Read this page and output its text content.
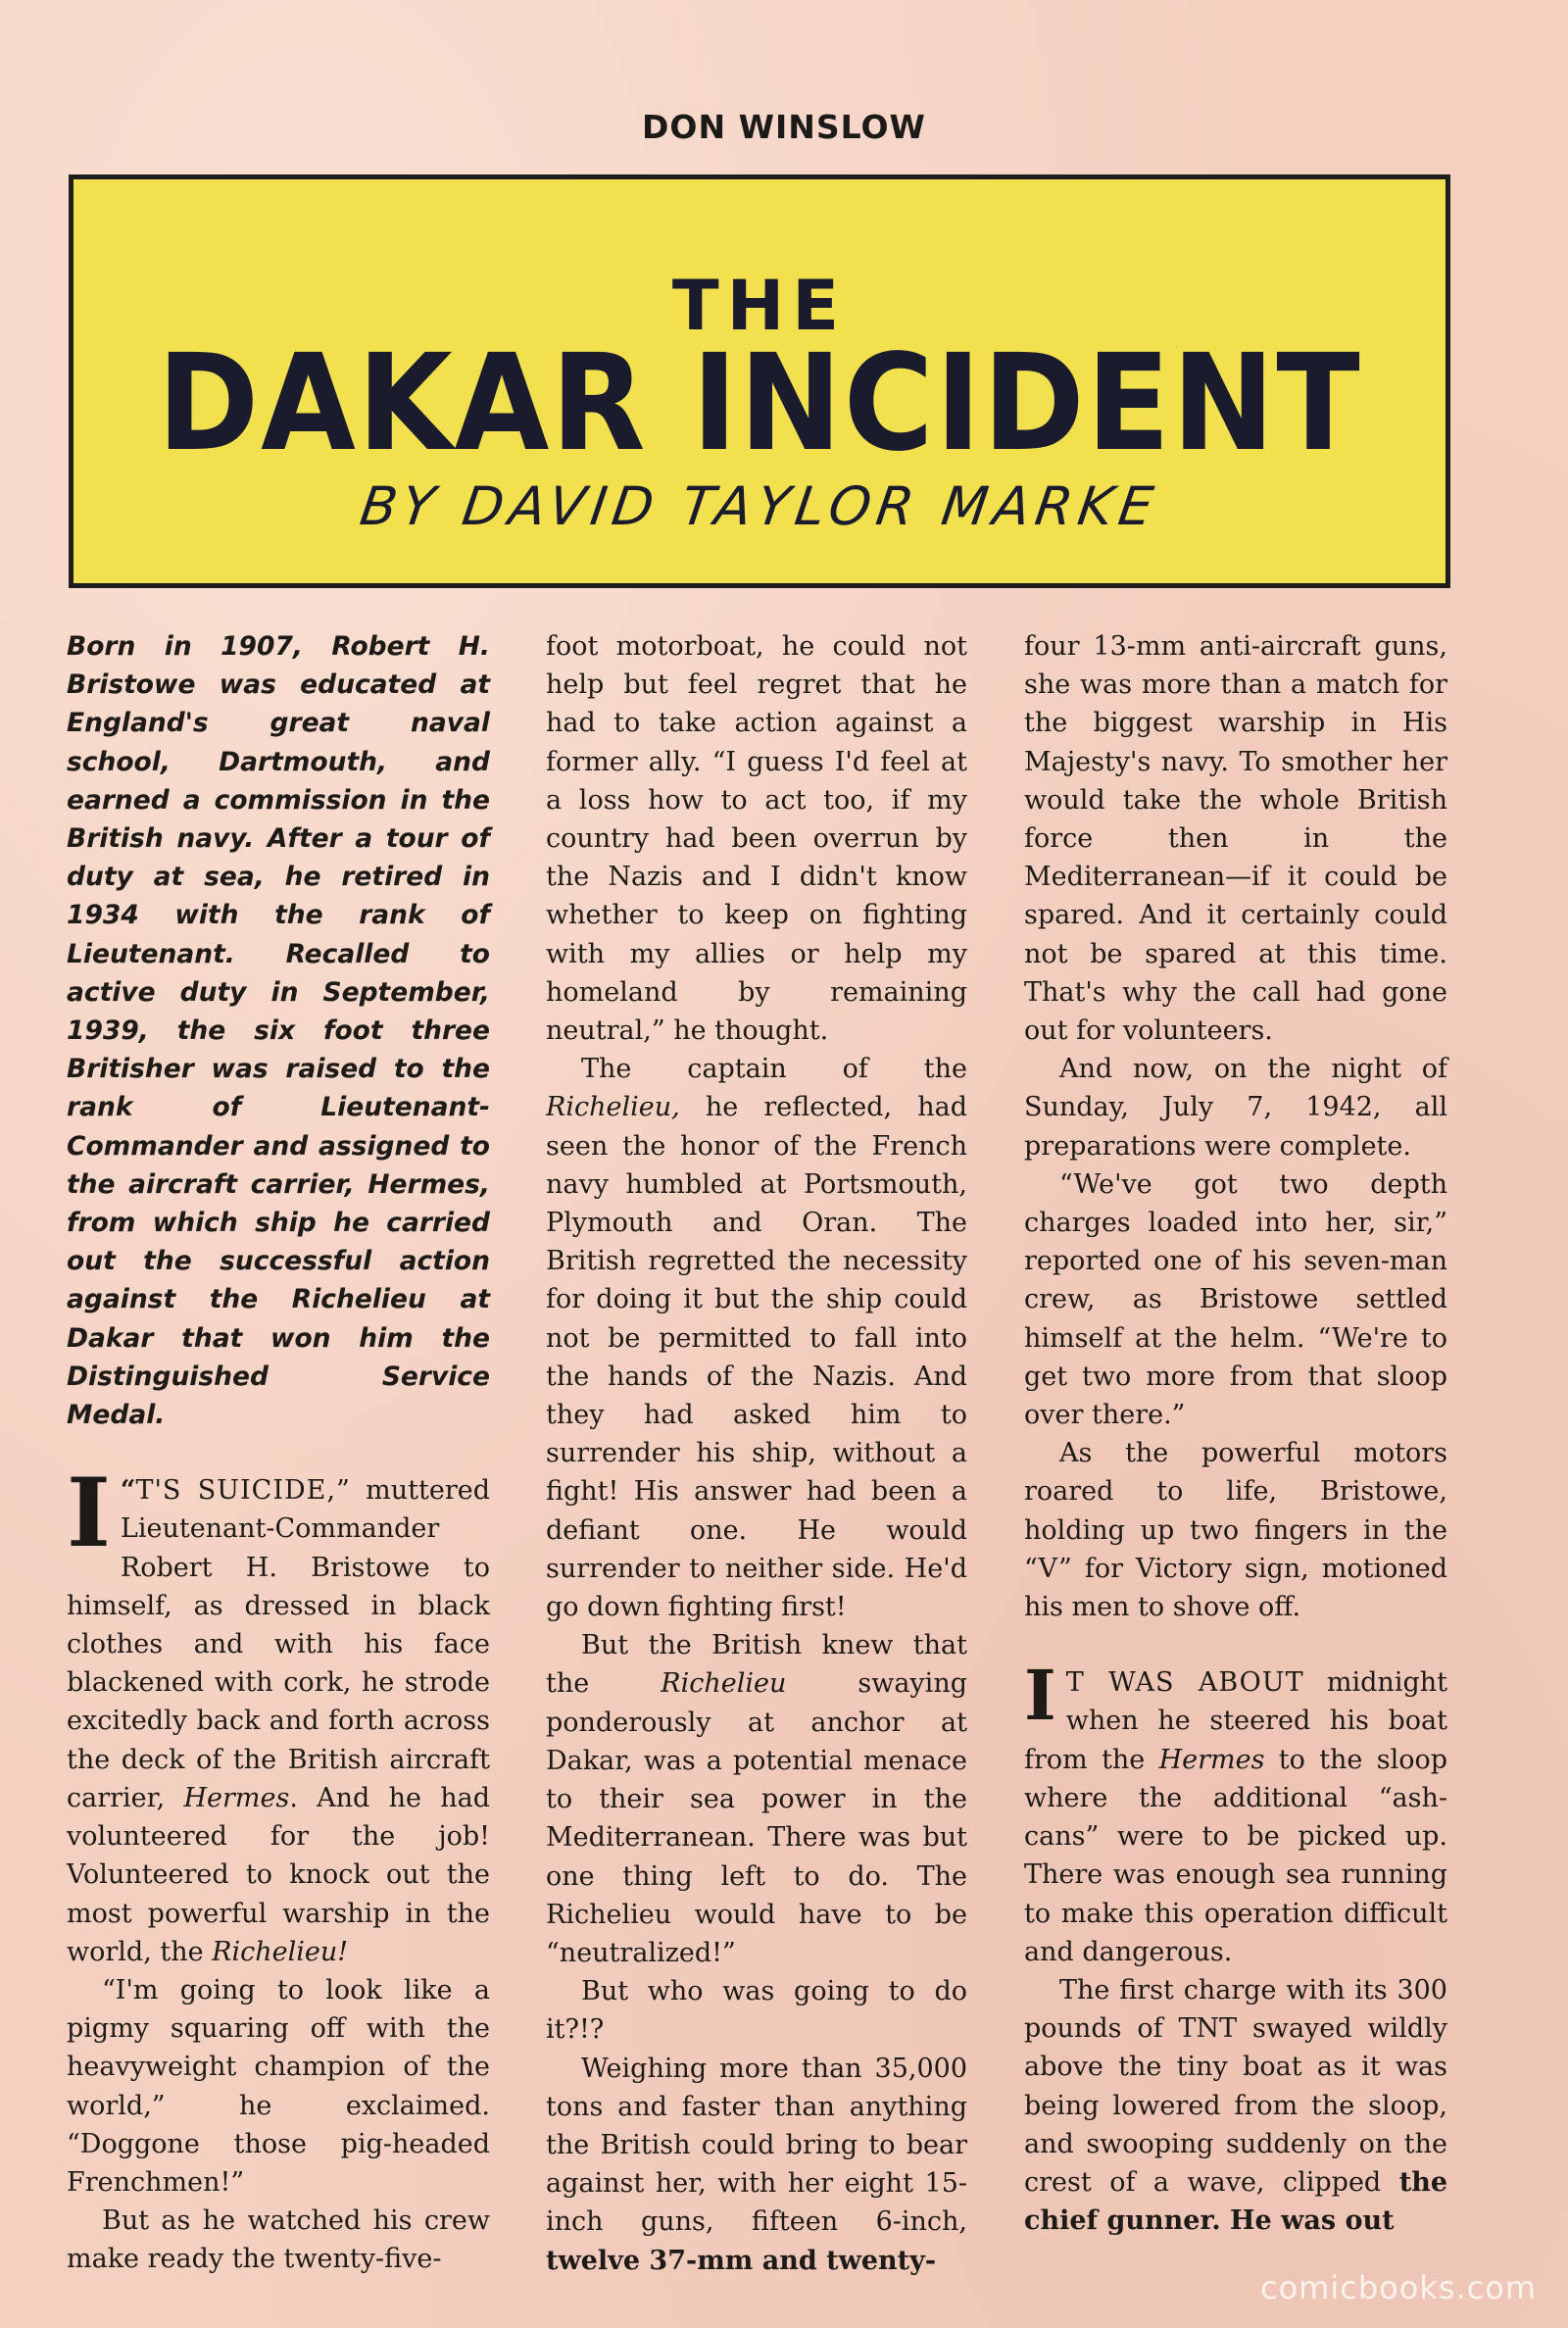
DON WINSLOW
THE
DAKAR INCIDENT
BY DAVID TAYLOR MARKE

Born in 1907, Robert H. Bristowe was educated at England's great naval school, Dartmouth, and earned a commission in the British navy. After a tour of duty at sea, he retired in 1934 with the rank of Lieutenant. Recalled to active duty in September, 1939, the six foot three Britisher was raised to the rank of Lieutenant-Commander and assigned to the aircraft carrier, Hermes, from which ship he carried out the successful action against the Richelieu at Dakar that won him the Distinguished Service Medal.

“
I T'S SUICIDE,” muttered Lieutenant-Commander Robert H. Bristowe to himself, as dressed in black clothes and with his face blackened with cork, he strode excitedly back and forth across the deck of the British aircraft carrier, Hermes. And he had volunteered for the job! Volunteered to knock out the most powerful warship in the world, the Richelieu!

“I'm going to look like a pigmy squaring off with the heavyweight champion of the world,” he exclaimed. “Doggone those pig-headed Frenchmen!”

But as he watched his crew make ready the twenty-five-

foot motorboat, he could not help but feel regret that he had to take action against a former ally. “I guess I'd feel at a loss how to act too, if my country had been overrun by the Nazis and I didn't know whether to keep on fighting with my allies or help my homeland by remaining neutral,” he thought.

The captain of the Richelieu, he reflected, had seen the honor of the French navy humbled at Portsmouth, Plymouth and Oran. The British regretted the necessity for doing it but the ship could not be permitted to fall into the hands of the Nazis. And they had asked him to surrender his ship, without a fight! His answer had been a defiant one. He would surrender to neither side. He'd go down fighting first!

But the British knew that the Richelieu swaying ponderously at anchor at Dakar, was a potential menace to their sea power in the Mediterranean. There was but one thing left to do. The Richelieu would have to be “neutralized!”

But who was going to do it?!?

Weighing more than 35,000 tons and faster than anything the British could bring to bear against her, with her eight 15-inch guns, fifteen 6-inch, twelve 37-mm and twenty-

four 13-mm anti-aircraft guns, she was more than a match for the biggest warship in His Majesty's navy. To smother her would take the whole British force then in the Mediterranean—if it could be spared. And it certainly could not be spared at this time. That's why the call had gone out for volunteers.

And now, on the night of Sunday, July 7, 1942, all preparations were complete.

“We've got two depth charges loaded into her, sir,” reported one of his seven-man crew, as Bristowe settled himself at the helm. “We're to get two more from that sloop over there.”

As the powerful motors roared to life, Bristowe, holding up two fingers in the “V” for Victory sign, motioned his men to shove off.

I T WAS ABOUT midnight when he steered his boat from the Hermes to the sloop where the additional “ash-cans” were to be picked up. There was enough sea running to make this operation difficult and dangerous.

The first charge with its 300 pounds of TNT swayed wildly above the tiny boat as it was being lowered from the sloop, and swooping suddenly on the crest of a wave, clipped the chief gunner. He was out

comicbooks.com
